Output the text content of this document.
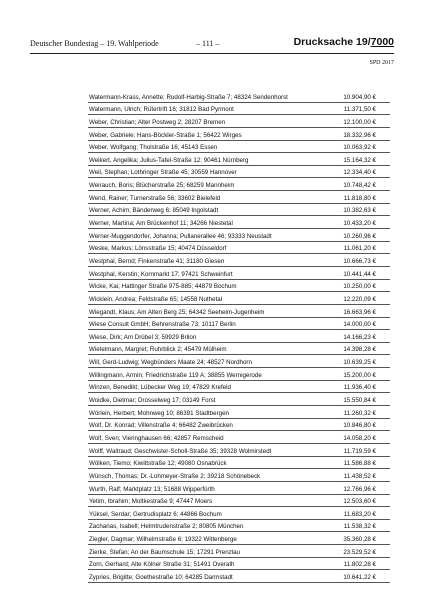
Deutscher Bundestag – 19. Wahlperiode	– 111 –	Drucksache 19/7000
SPD 2017
Watermann-Krass, Annette; Rudolf-Harbig-Straße 7; 48324 Sendenhorst	10.904,90 €
Watermann, Ulrich; Rütertrift 16; 31812 Bad Pyrmont	11.371,50 €
Weber, Christian; Alter Postweg 2; 28207 Bremen	12.100,00 €
Weber, Gabriele; Hans-Böckler-Straße 1; 56422 Wirges	18.332,96 €
Weber, Wolfgang; Tholstraße 16; 45143 Essen	10.063,92 €
Weikert, Angelika; Julius-Tafel-Straße 12; 90461 Nürnberg	15.164,32 €
Weil, Stephan; Lothringer Straße 45; 30559 Hannover	12.334,40 €
Weirauch, Boris; Blücherstraße 25; 68259 Mannheim	10.748,42 €
Wend, Rainer; Turnerstraße 56; 33602 Bielefeld	11.818,80 €
Werner, Achim; Bänderweg 6; 85049 Ingolstadt	10.382,63 €
Werner, Martina; Am Brückenhof 11; 34266 Niestetal	10.433,20 €
Werner-Muggendorfer, Johanna; Pullanerallee 46; 93333 Neustadt	10.260,96 €
Weske, Markus; Lönsstraße 15; 40474 Düsseldorf	11.061,20 €
Westphal, Bernd; Finkenstraße 41; 31180 Giesen	10.666,73 €
Westphal, Kerstin; Kornmarkt 17; 97421 Schweinfurt	10.441,44 €
Wicke, Kai; Hattinger Straße 975-885; 44879 Bochum	10.250,00 €
Wicklein, Andrea; Feldstraße 65; 14558 Nuthetal	12.220,09 €
Wiegandt, Klaus; Am Alten Berg 25; 64342 Seeheim-Jugenheim	16.663,96 €
Wiese Consult GmbH; Behrenstraße 73; 10117 Berlin	14.000,00 €
Wiese, Dirk; Am Drübel 3; 59929 Brilon	14.166,23 €
Wietelmann, Margret; Ruhrblick 2; 45479 Mülheim	14.398,28 €
Will, Gerd-Ludwig; Wegbünders Maate 24; 48527 Nordhorn	10.639,25 €
Willingmann, Armin; Friedrichstraße 119 A; 38855 Wernigerode	15.200,00 €
Winzen, Benedikt; Lübecker Weg 19; 47829 Krefeld	11.936,40 €
Woidke, Dietmar; Drosselweg 17; 03149 Forst	15.550,84 €
Wörlein, Herbert; Mohnweg 10; 86391 Stadtbergen	11.260,32 €
Wolf, Dr. Konrad; Villenstraße 4; 66482 Zweibrücken	10.846,80 €
Wolf, Sven; Vieringhausen 66; 42857 Remscheid	14.058,20 €
Wolff, Waltraud; Geschwister-Scholl-Straße 35; 39328 Wolmirstedt	11.719,59 €
Wölken, Tiemo; Kiwittstraße 12; 49080 Osnabrück	11.586,88 €
Wünsch, Thomas; Dr.-Lohmeyer-Straße 2; 39218 Schönebeck	11.438,52 €
Wurth, Ralf; Marktplatz 13; 51688 Wipperfürth	12.766,96 €
Yetim, Ibrahim; Moltkestraße 9; 47447 Moers	12.503,60 €
Yüksel, Serdar; Gertrudisplatz 6; 44866 Bochum	11.683,20 €
Zacharias, Isabell; Helmtrudenstraße 2; 80805 München	11.538,32 €
Ziegler, Dagmar; Wilhelmstraße 6; 19322 Wittenberge	35.360,28 €
Zierke, Stefan; An der Baumschule 15; 17291 Prenzlau	23.529,52 €
Zorn, Gerhard; Alte Kölner Straße 31; 51491 Overath	11.802,28 €
Zypries, Brigitte; Goethestraße 10; 64285 Darmstadt	10.641,22 €
